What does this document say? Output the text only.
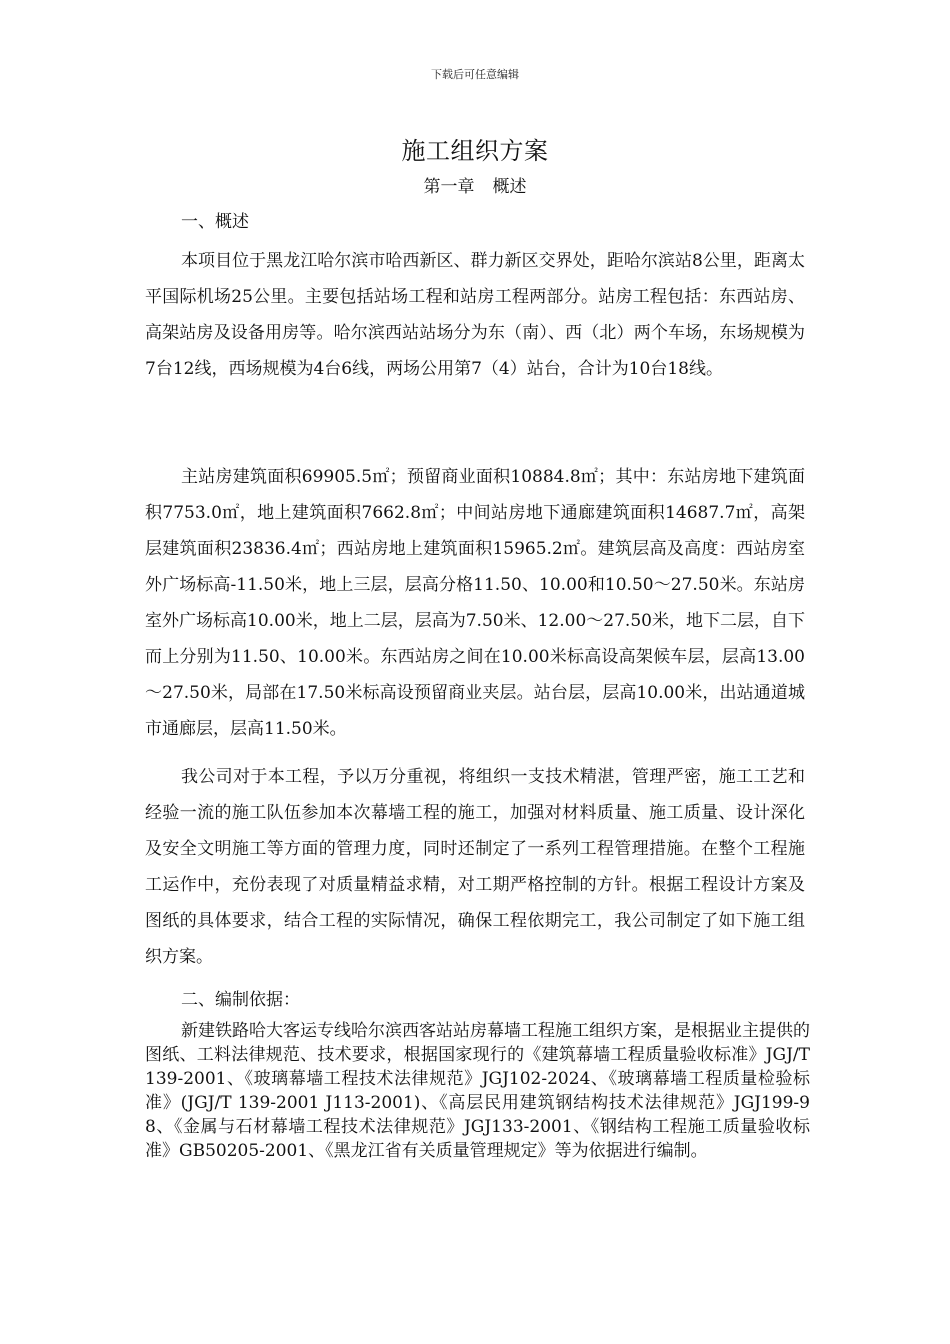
下载后可任意编辑
施工组织方案
第一章 概述
一、概述
本项目位于黑龙江哈尔滨市哈西新区、群力新区交界处，距哈尔滨站8公里，距离太平国际机场25公里。主要包括站场工程和站房工程两部分。站房工程包括：东西站房、高架站房及设备用房等。哈尔滨西站站场分为东（南）、西（北）两个车场，东场规模为7台12线，西场规模为4台6线，两场公用第7（4）站台，合计为10台18线。
主站房建筑面积69905.5㎡；预留商业面积10884.8㎡；其中：东站房地下建筑面积7753.0㎡，地上建筑面积7662.8㎡；中间站房地下通廊建筑面积14687.7㎡，高架层建筑面积23836.4㎡；西站房地上建筑面积15965.2㎡。建筑层高及高度：西站房室外广场标高-11.50米，地上三层，层高分格11.50、10.00和10.50～27.50米。东站房室外广场标高10.00米，地上二层，层高为7.50米、12.00～27.50米，地下二层，自下而上分别为11.50、10.00米。东西站房之间在10.00米标高设高架候车层，层高13.00～27.50米，局部在17.50米标高设预留商业夹层。站台层，层高10.00米，出站通道城市通廊层，层高11.50米。
我公司对于本工程，予以万分重视，将组织一支技术精湛，管理严密，施工工艺和经验一流的施工队伍参加本次幕墙工程的施工，加强对材料质量、施工质量、设计深化及安全文明施工等方面的管理力度，同时还制定了一系列工程管理措施。在整个工程施工运作中，充份表现了对质量精益求精，对工期严格控制的方针。根据工程设计方案及图纸的具体要求，结合工程的实际情况，确保工程依期完工，我公司制定了如下施工组织方案。
二、编制依据：
新建铁路哈大客运专线哈尔滨西客站站房幕墙工程施工组织方案，是根据业主提供的图纸、工料法律规范、技术要求，根据国家现行的《建筑幕墙工程质量验收标准》JGJ/T139-2001、《玻璃幕墙工程技术法律规范》JGJ102-2024、《玻璃幕墙工程质量检验标准》(JGJ/T 139-2001 J113-2001)、《高层民用建筑钢结构技术法律规范》JGJ199-98、《金属与石材幕墙工程技术法律规范》JGJ133-2001、《钢结构工程施工质量验收标准》GB50205-2001、《黑龙江省有关质量管理规定》等为依据进行编制。
